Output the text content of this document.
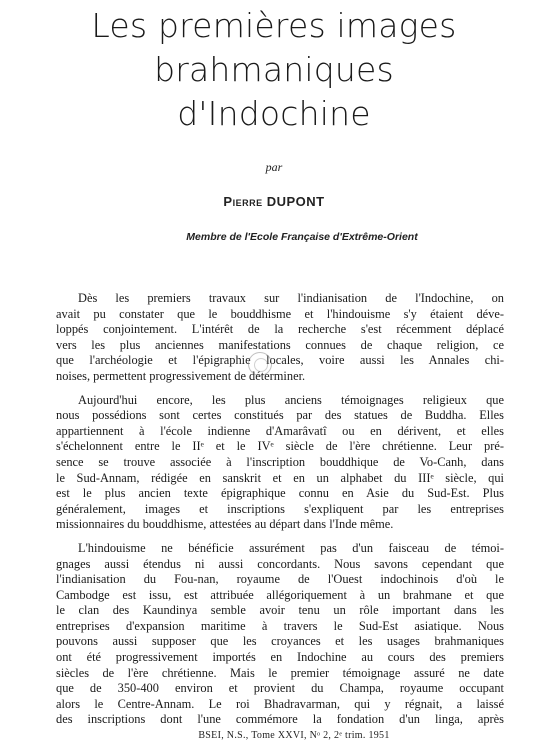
Les premières images
brahmaniques
d'Indochine
par
Pierre DUPONT
Membre de l'Ecole Française d'Extrême-Orient
Dès les premiers travaux sur l'indianisation de l'Indochine, on
avait pu constater que le bouddhisme et l'hindouisme s'y étaient déve-
loppés conjointement. L'intérêt de la recherche s'est récemment déplacé
vers les plus anciennes manifestations connues de chaque religion, ce
que l'archéologie et l'épigraphie locales, voire aussi les Annales chi-
noises, permettent progressivement de déterminer.
Aujourd'hui encore, les plus anciens témoignages religieux que
nous possédions sont certes constitués par des statues de Buddha. Elles
appartiennent à l'école indienne d'Amarâvatî ou en dérivent, et elles
s'échelonnent entre le IIᵉ et le IVᵉ siècle de l'ère chrétienne. Leur pré-
sence se trouve associée à l'inscription bouddhique de Vo-Canh, dans
le Sud-Annam, rédigée en sanskrit et en un alphabet du IIIᵉ siècle, qui
est le plus ancien texte épigraphique connu en Asie du Sud-Est. Plus
généralement, images et inscriptions s'expliquent par les entreprises
missionnaires du bouddhisme, attestées au départ dans l'Inde même.
L'hindouisme ne bénéficie assurément pas d'un faisceau de témoi-
gnages aussi étendus ni aussi concordants. Nous savons cependant que
l'indianisation du Fou-nan, royaume de l'Ouest indochinois d'où le
Cambodge est issu, est attribuée allégoriquement à un brahmane et que
le clan des Kaundinya semble avoir tenu un rôle important dans les
entreprises d'expansion maritime à travers le Sud-Est asiatique. Nous
pouvons aussi supposer que les croyances et les usages brahmaniques
ont été progressivement importés en Indochine au cours des premiers
siècles de l'ère chrétienne. Mais le premier témoignage assuré ne date
que de 350-400 environ et provient du Champa, royaume occupant
alors le Centre-Annam. Le roi Bhadravarman, qui y régnait, a laissé
des inscriptions dont l'une commémore la fondation d'un linga, après
BSEI, N.S., Tome XXVI, Nᵒ 2, 2ᵉ trim. 1951
